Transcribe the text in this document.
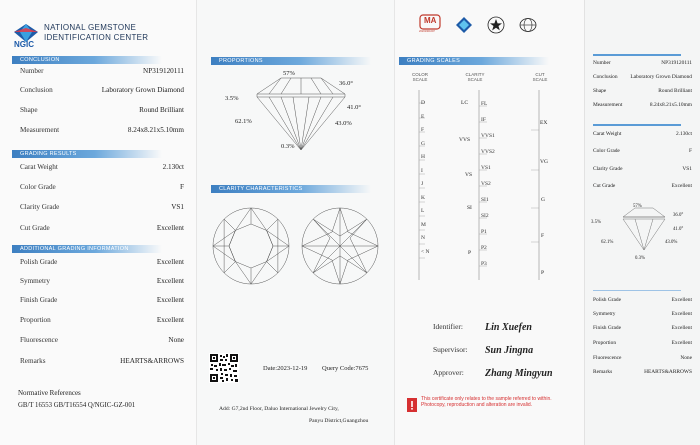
NATIONAL GEMSTONE
IDENTIFICATION CENTER
NGIC
CONCLUSION
Number	NP319120111
Conclusion	Laboratory Grown Diamond
Shape	Round Brilliant
Measurement	8.24x8.21x5.10mm
GRADING RESULTS
Carat Weight	2.130ct
Color Grade	F
Clarity Grade	VS1
Cut Grade	Excellent
ADDITIONAL GRADING INFORMATION
Polish Grade	Excellent
Symmetry	Excellent
Finish Grade	Excellent
Proportion	Excellent
Fluorescence	None
Remarks	HEARTS&ARROWS
Normative References
GB/T 16553 GB/T16554 Q/NGIC-GZ-001
PROPORTIONS
57%
36.0°
3.5%
41.0°
62.1%	43.0%
0.3%
CLARITY CHARACTERISTICS
Date:2023-12-19 Query Code:7675
Add: G7,2nd Floor, Daluo International Jewelry City,
Panyu District,Guangzhou
MA
20201901697
GRADING SCALES
COLOR
SCALE
CLARITY
SCALE
CUT
SCALE
D
E
F
G
H
I
J
K
L
M
N
< N
LC
VVS
VS
SI
P
FL
IF
VVS1
VVS2
VS1
VS2
SI1
SI2
P1
P2
P3
EX
VG
G
F
P
Identifier:	Lin Xuefen
Supervisor:	Sun Jingna
Approver:	Zhang Mingyun
This certificate only relates to the sample referred to within. Photocopy, reproduction and alteration are invalid.
Number	NP319120111
Conclusion Laboratory Grown Diamond
Shape	Round Brilliant
Measurement	8.24x8.21x5.10mm
Carat Weight	2.130ct
Color Grade	F
Clarity Grade	VS1
Cut Grade	Excellent
57%
36.0°
3.5%
41.0°
62.1%	43.0%
0.3%
Polish Grade	Excellent
Symmetry	Excellent
Finish Grade	Excellent
Proportion	Excellent
Fluorescence	None
Remarks	HEARTS&ARROWS
